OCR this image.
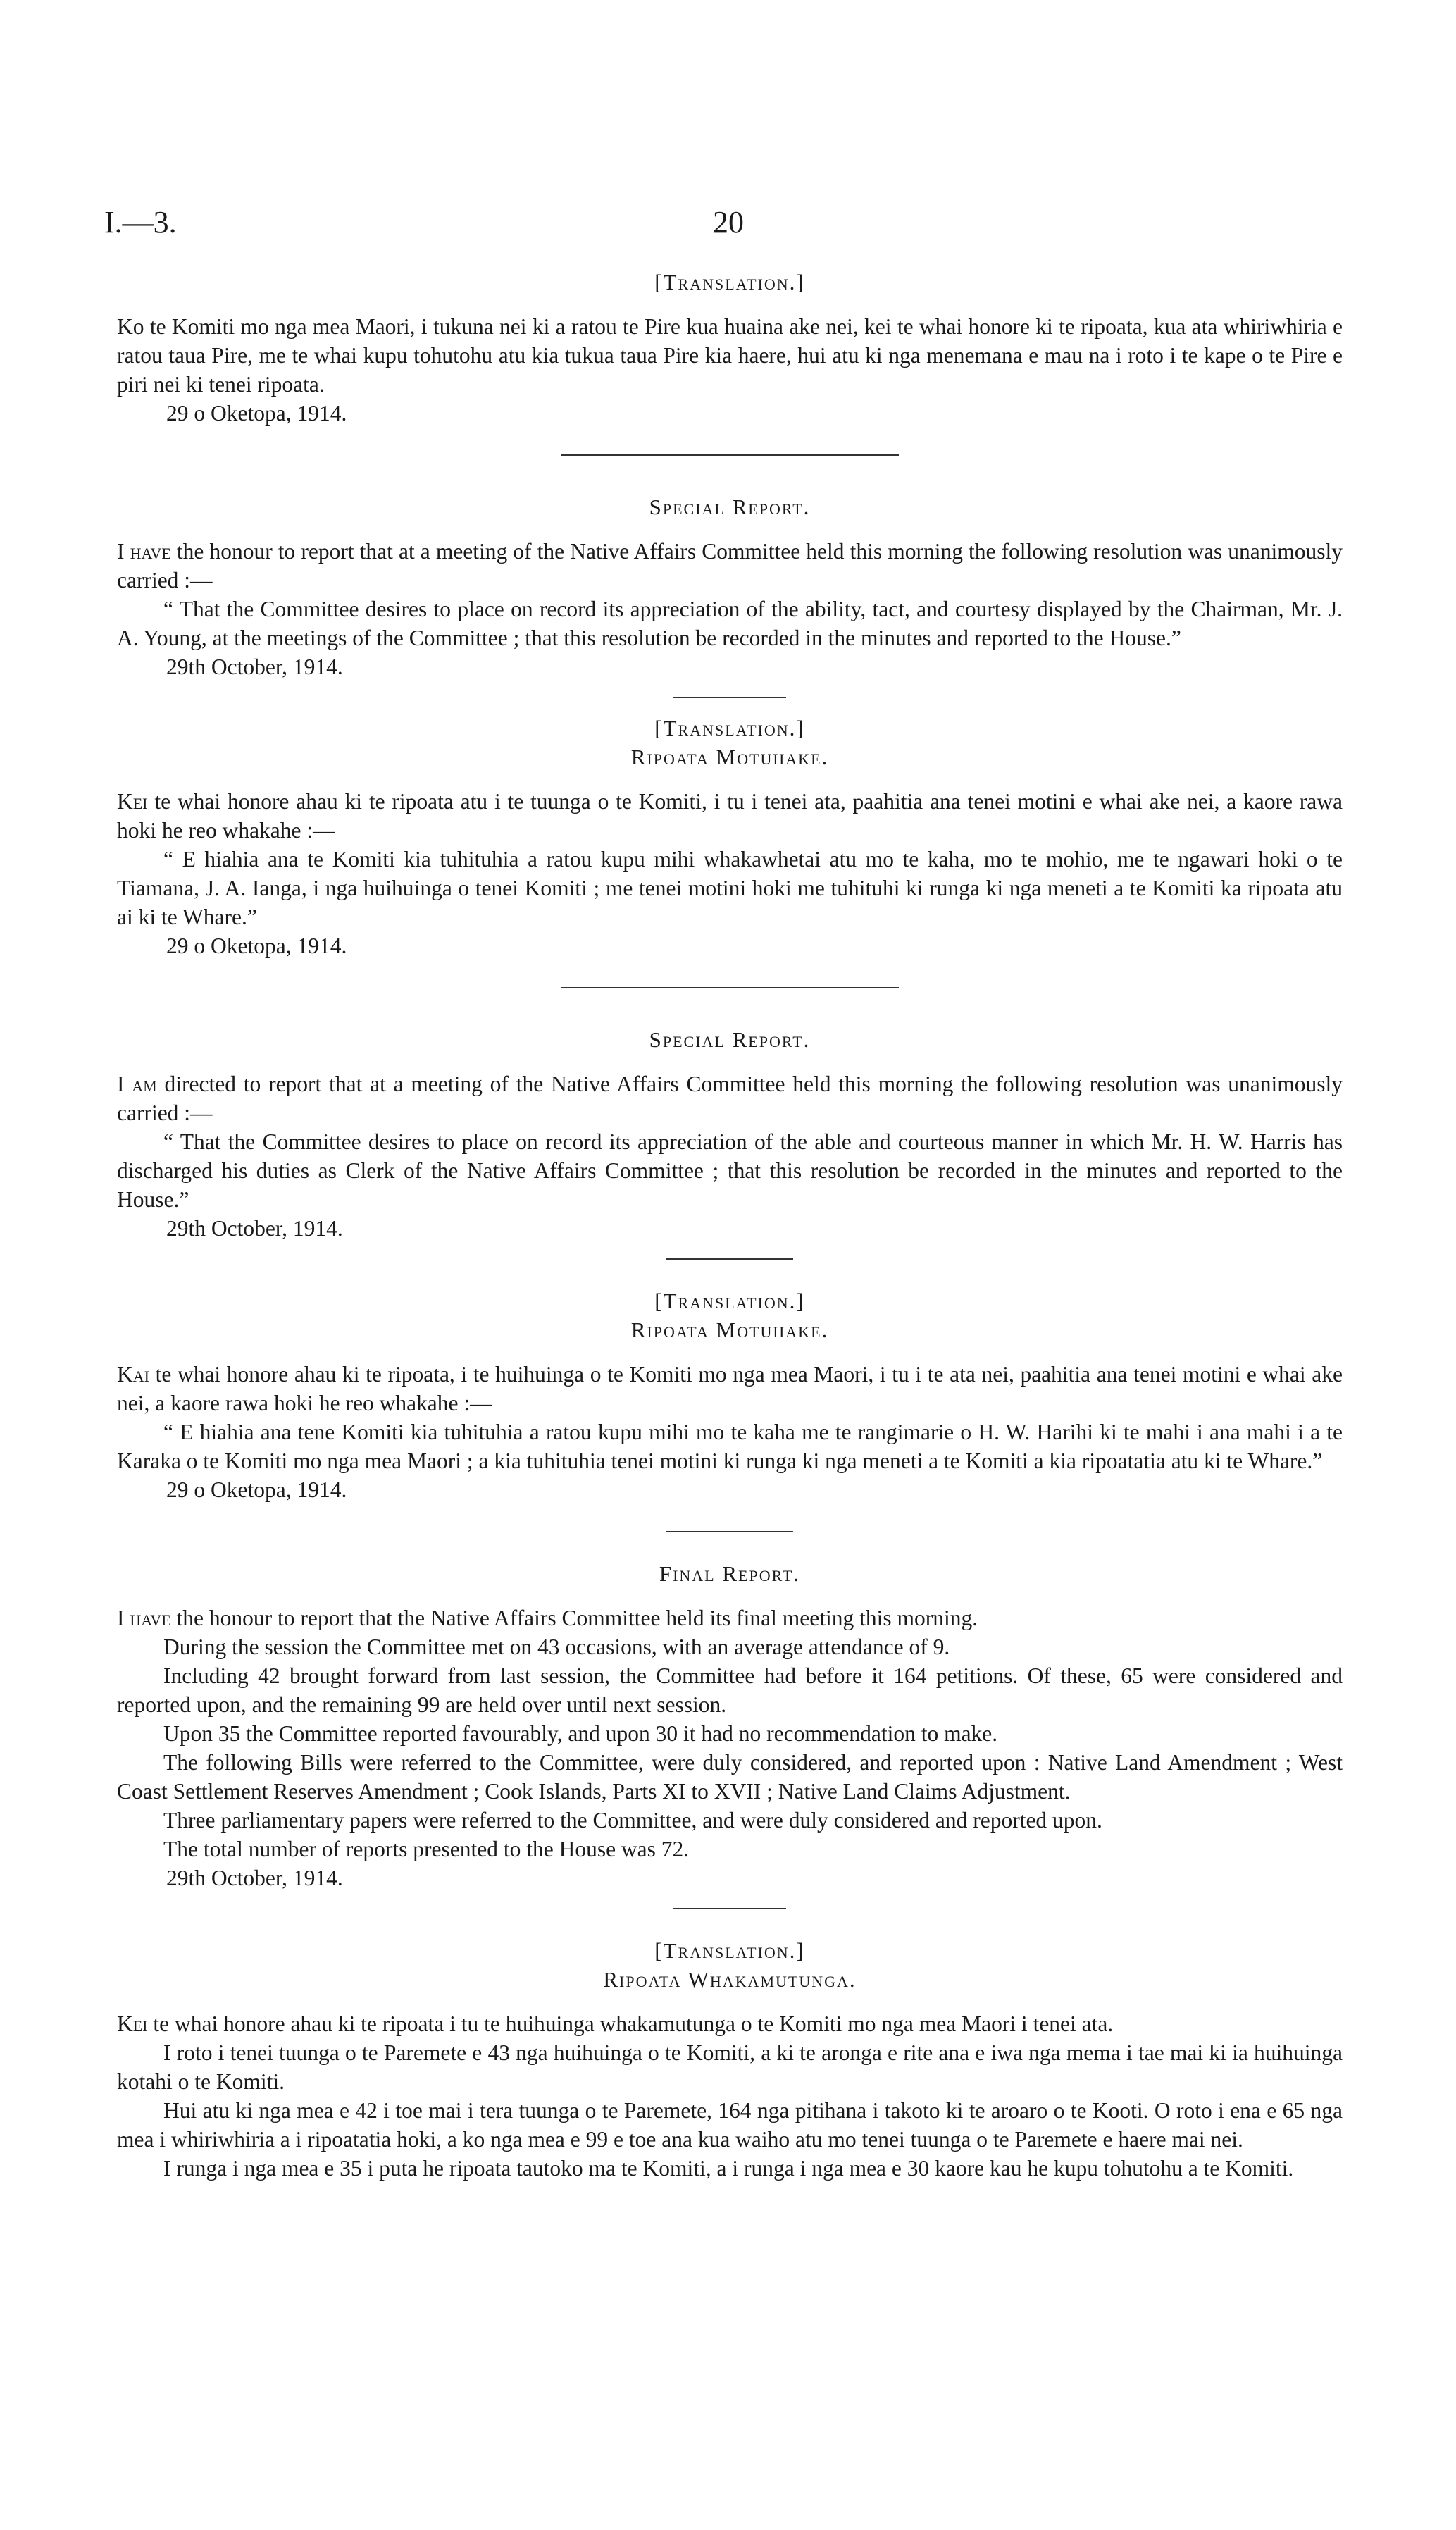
I.—3.	20
[Translation.]

Ko te Komiti mo nga mea Maori, i tukuna nei ki a ratou te Pire kua huaina ake nei, kei te whai honore ki te ripoata, kua ata whiriwhiria e ratou taua Pire, me te whai kupu tohutohu atu kia tukua taua Pire kia haere, hui atu ki nga menemana e mau na i roto i te kape o te Pire e piri nei ki tenei ripoata.

29 o Oketopa, 1914.

Special Report.

I have the honour to report that at a meeting of the Native Affairs Committee held this morning the following resolution was unanimously carried :—

“ That the Committee desires to place on record its appreciation of the ability, tact, and courtesy displayed by the Chairman, Mr. J. A. Young, at the meetings of the Committee ; that this resolution be recorded in the minutes and reported to the House.”

29th October, 1914.

[Translation.]
Ripoata Motuhake.

Kei te whai honore ahau ki te ripoata atu i te tuunga o te Komiti, i tu i tenei ata, paahitia ana tenei motini e whai ake nei, a kaore rawa hoki he reo whakahe :—

“ E hiahia ana te Komiti kia tuhituhia a ratou kupu mihi whakawhetai atu mo te kaha, mo te mohio, me te ngawari hoki o te Tiamana, J. A. Ianga, i nga huihuinga o tenei Komiti ; me tenei motini hoki me tuhituhi ki runga ki nga meneti a te Komiti ka ripoata atu ai ki te Whare.”

29 o Oketopa, 1914.

Special Report.

I am directed to report that at a meeting of the Native Affairs Committee held this morning the following resolution was unanimously carried :—

“ That the Committee desires to place on record its appreciation of the able and courteous manner in which Mr. H. W. Harris has discharged his duties as Clerk of the Native Affairs Committee ; that this resolution be recorded in the minutes and reported to the House.”

29th October, 1914.

[Translation.]
Ripoata Motuhake.

Kai te whai honore ahau ki te ripoata, i te huihuinga o te Komiti mo nga mea Maori, i tu i te ata nei, paahitia ana tenei motini e whai ake nei, a kaore rawa hoki he reo whakahe :—

“ E hiahia ana tene Komiti kia tuhituhia a ratou kupu mihi mo te kaha me te rangimarie o H. W. Harihi ki te mahi i ana mahi i a te Karaka o te Komiti mo nga mea Maori ; a kia tuhituhia tenei motini ki runga ki nga meneti a te Komiti a kia ripoatatia atu ki te Whare.”

29 o Oketopa, 1914.

Final Report.

I have the honour to report that the Native Affairs Committee held its final meeting this morning.

During the session the Committee met on 43 occasions, with an average attendance of 9.

Including 42 brought forward from last session, the Committee had before it 164 petitions. Of these, 65 were considered and reported upon, and the remaining 99 are held over until next session.

Upon 35 the Committee reported favourably, and upon 30 it had no recommendation to make.

The following Bills were referred to the Committee, were duly considered, and reported upon : Native Land Amendment ; West Coast Settlement Reserves Amendment ; Cook Islands, Parts XI to XVII ; Native Land Claims Adjustment.

Three parliamentary papers were referred to the Committee, and were duly considered and reported upon.

The total number of reports presented to the House was 72.

29th October, 1914.

[Translation.]
Ripoata Whakamutunga.

Kei te whai honore ahau ki te ripoata i tu te huihuinga whakamutunga o te Komiti mo nga mea Maori i tenei ata.

I roto i tenei tuunga o te Paremete e 43 nga huihuinga o te Komiti, a ki te aronga e rite ana e iwa nga mema i tae mai ki ia huihuinga kotahi o te Komiti.

Hui atu ki nga mea e 42 i toe mai i tera tuunga o te Paremete, 164 nga pitihana i takoto ki te aroaro o te Kooti. O roto i ena e 65 nga mea i whiriwhiria a i ripoatatia hoki, a ko nga mea e 99 e toe ana kua waiho atu mo tenei tuunga o te Paremete e haere mai nei.

I runga i nga mea e 35 i puta he ripoata tautoko ma te Komiti, a i runga i nga mea e 30 kaore kau he kupu tohutohu a te Komiti.
